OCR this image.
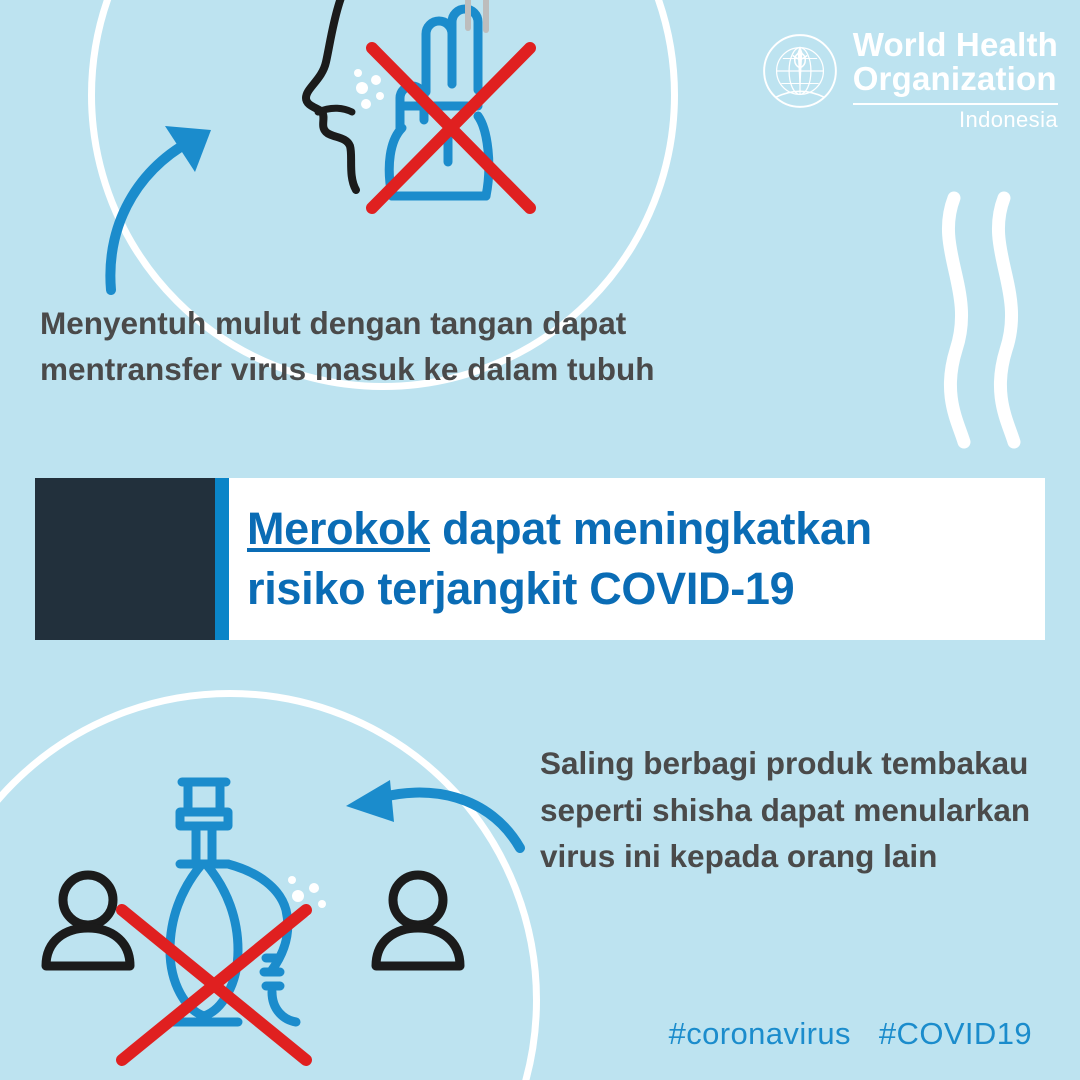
World Health
Organization
Indonesia
Menyentuh mulut dengan tangan dapat mentransfer virus masuk ke dalam tubuh
Merokok dapat meningkatkan
risiko terjangkit COVID-19
Saling berbagi produk tembakau seperti shisha dapat menularkan virus ini kepada orang lain
#coronavirus #COVID19
